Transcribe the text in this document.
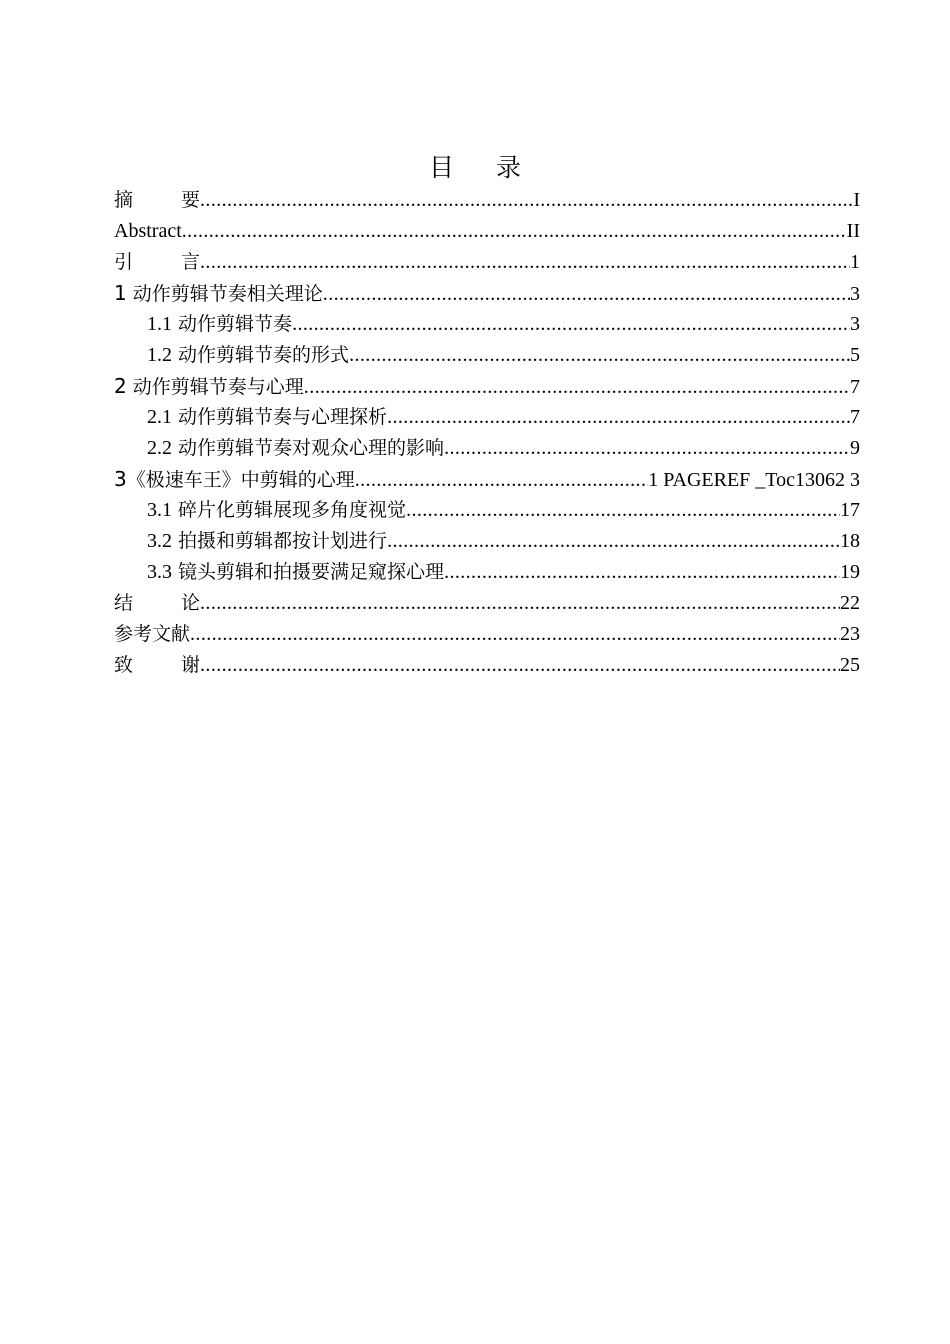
目 录
摘	要 .....	I
Abstract .....	II
引	言 .....	1
1 动作剪辑节奏相关理论 .....	3
1.1 动作剪辑节奏 .....	3
1.2 动作剪辑节奏的形式 .....	5
2 动作剪辑节奏与心理 .....	7
2.1 动作剪辑节奏与心理探析 .....	7
2.2 动作剪辑节奏对观众心理的影响 .....	9
3《极速车王》中剪辑的心理 .....	1 PAGEREF _Toc13062 3
3.1 碎片化剪辑展现多角度视觉 .....	17
3.2 拍摄和剪辑都按计划进行 .....	18
3.3 镜头剪辑和拍摄要满足窥探心理 .....	19
结	论 .....	22
参考文献 .....	23
致	谢 .....	25
